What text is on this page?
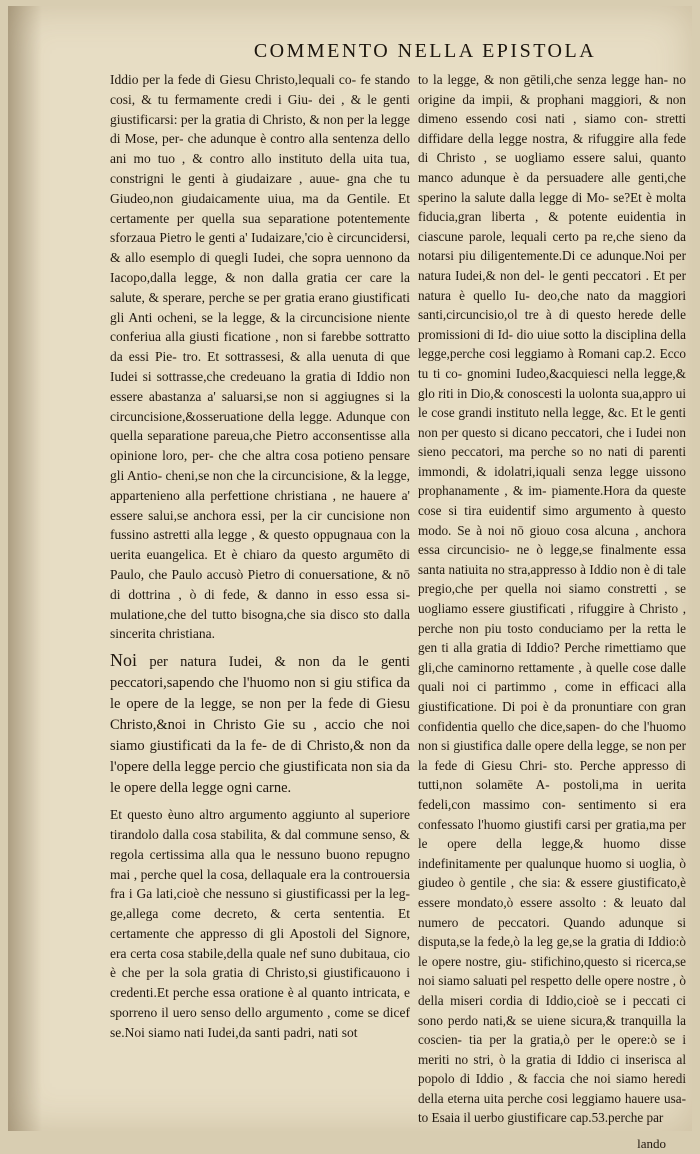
COMMENTO NELLA EPISTOLA

Iddio per la fede di Giesu Christo,lequali co- fe stando cosi, & tu fermamente credi i Giu- dei , & le genti giustificarsi: per la gratia di Christo, & non per la legge di Mose, per- che adunque è contro alla sentenza dello ani mo tuo , & contro allo instituto della uita tua, constrigni le genti à giudaizare , auue- gna che tu Giudeo,non giudaicamente uiua, ma da Gentile. Et certamente per quella sua separatione potentemente sforzaua Pietro le genti a' Iudaizare,'cio è circuncidersi, & allo esemplo di quegli Iudei, che sopra uennono da Iacopo,dalla legge, & non dalla gratia cer care la salute, & sperare, perche se per gratia erano giustificati gli Anti ocheni, se la legge, & la circuncisione niente conferiua alla giusti ficatione , non si farebbe sottratto da essi Pie- tro. Et sottrassesi, & alla uenuta di que Iudei si sottrasse,che credeuano la gratia di Iddio non essere abastanza a' saluarsi,se non si aggiugnes si la circuncisione,&osseruatione della legge. Adunque con quella separatione pareua,che Pietro acconsentisse alla opinione loro, per- che che altra cosa potieno pensare gli Antio- cheni,se non che la circuncisione, & la legge, appartenieno alla perfettione christiana , ne hauere a' essere salui,se anchora essi, per la cir cuncisione non fussino astretti alla legge , & questo oppugnaua con la uerita euangelica. Et è chiaro da questo argumēto di Paulo, che Paulo accusò Pietro di conuersatione, & nō di dottrina , ò di fede, & danno in esso essa si- mulatione,che del tutto bisogna,che sia disco sto dalla sincerita christiana.

Noi per natura Iudei, & non da le genti peccatori,sapendo che l'huomo non si giu stifica da le opere de la legge, se non per la fede di Giesu Christo,&noi in Christo Gie su , accio che noi siamo giustificati da la fe- de di Christo,& non da l'opere della legge percio che giustificata non sia da le opere della legge ogni carne.

Et questo èuno altro argumento aggiunto al superiore tirandolo dalla cosa stabilita, & dal commune senso, & regola certissima alla qua le nessuno buono repugno mai , perche quel la cosa, dellaquale era la controuersia fra i Ga lati,cioè che nessuno si giustificassi per la leg- ge,allega come decreto, & certa sententia. Et certamente che appresso di gli Apostoli del Signore, era certa cosa stabile,della quale nef suno dubitaua, cio è che per la sola gratia di Christo,si giustificauono i credenti.Et perche essa oratione è al quanto intricata, e sporreno il uero senso dello argumento , come se dicef se.Noi siamo nati Iudei,da santi padri, nati sot

to la legge, & non gētili,che senza legge han- no origine da impii, & prophani maggiori, & non dimeno essendo cosi nati , siamo con- stretti diffidare della legge nostra, & rifuggire alla fede di Christo , se uogliamo essere salui, quanto manco adunque è da persuadere alle genti,che sperino la salute dalla legge di Mo- se?Et è molta fiducia,gran liberta , & potente euidentia in ciascune parole, lequali certo pa re,che sieno da notarsi piu diligentemente.Di ce adunque.Noi per natura Iudei,& non del- le genti peccatori . Et per natura è quello Iu- deo,che nato da maggiori santi,circuncisio,ol tre à di questo herede delle promissioni di Id- dio uiue sotto la disciplina della legge,perche cosi leggiamo à Romani cap.2. Ecco tu ti co- gnomini Iudeo,&acquiesci nella legge,& glo riti in Dio,& conoscesti la uolonta sua,appro ui le cose grandi instituto nella legge, &c. Et le genti non per questo si dicano peccatori, che i Iudei non sieno peccatori, ma perche so no nati di parenti immondi, & idolatri,iquali senza legge uissono prophanamente , & im- piamente.Hora da queste cose si tira euidentif simo argumento à questo modo. Se à noi nō giouo cosa alcuna , anchora essa circuncisio- ne ò legge,se finalmente essa santa natiuita no stra,appresso à Iddio non è di tale pregio,che per quella noi siamo constretti , se uogliamo essere giustificati , rifuggire à Christo , perche non piu tosto conduciamo per la retta le gen ti alla gratia di Iddio? Perche rimettiamo que gli,che caminorno rettamente , à quelle cose dalle quali noi ci partimmo , come in efficaci alla giustificatione. Di poi è da pronuntiare con gran confidentia quello che dice,sapen- do che l'huomo non si giustifica dalle opere della legge, se non per la fede di Giesu Chri- sto. Perche appresso di tutti,non solamēte A- postoli,ma in uerita fedeli,con massimo con- sentimento si era confessato l'huomo giustifi carsi per gratia,ma per le opere della legge,& huomo disse indefinitamente per qualunque huomo si uoglia, ò giudeo ò gentile , che sia: & essere giustificato,è essere mondato,ò essere assolto : & leuato dal numero de peccatori. Quando adunque si disputa,se la fede,ò la leg ge,se la gratia di Iddio:ò le opere nostre, giu- stifichino,questo si ricerca,se noi siamo saluati pel respetto delle opere nostre , ò della miseri cordia di Iddio,cioè se i peccati ci sono perdo nati,& se uiene sicura,& tranquilla la coscien- tia per la gratia,ò per le opere:ò se i meriti no stri, ò la gratia di Iddio ci inserisca al popolo di Iddio , & faccia che noi siamo heredi della eterna uita perche cosi leggiamo hauere usa- to Esaia il uerbo giustificare cap.53.perche par

lando
